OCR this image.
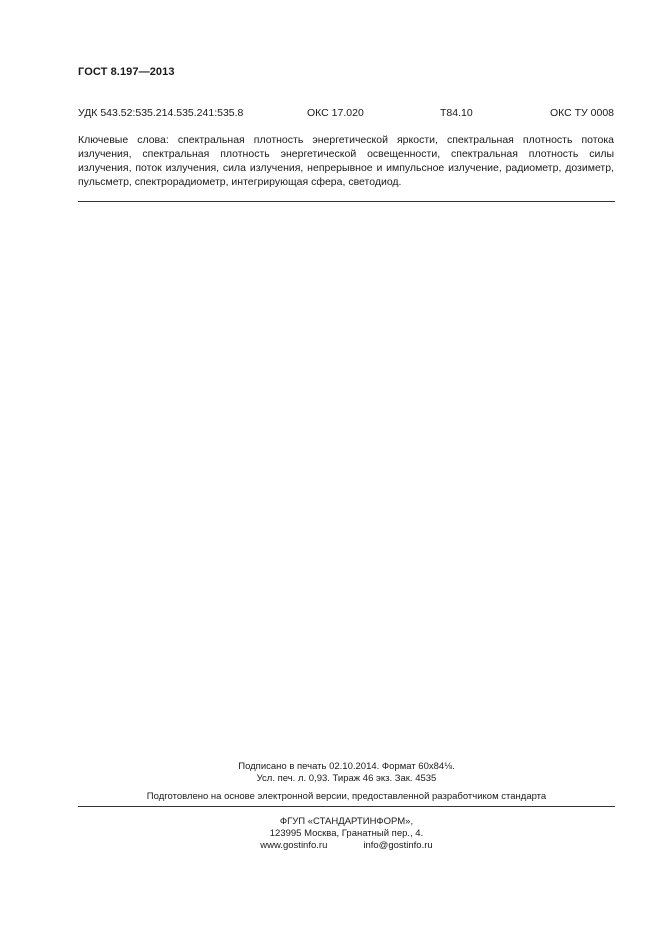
ГОСТ 8.197—2013
УДК 543.52:535.214.535.241:535.8	ОКС 17.020	Т84.10	ОКС ТУ 0008
Ключевые слова: спектральная плотность энергетической яркости, спектральная плотность потока излучения, спектральная плотность энергетической освещенности, спектральная плотность силы излучения, поток излучения, сила излучения, непрерывное и импульсное излучение, радиометр, дозиметр, пульсметр, спектрорадиометр, интегрирующая сфера, светодиод.
Подписано в печать 02.10.2014. Формат 60х84⅛.
Усл. печ. л. 0,93. Тираж 46 экз. Зак. 4535
Подготовлено на основе электронной версии, предоставленной разработчиком стандарта
ФГУП «СТАНДАРТИНФОРМ»,
123995 Москва, Гранатный пер., 4.
www.gostinfo.ru	info@gostinfo.ru
